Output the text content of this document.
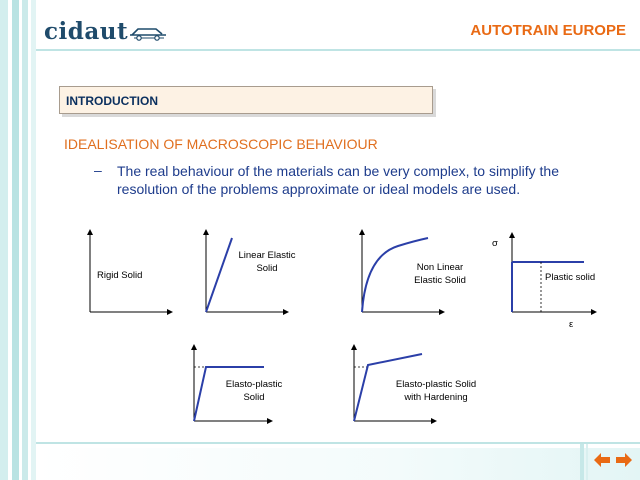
cidaut	AUTOTRAIN EUROPE
INTRODUCTION
IDEALISATION OF MACROSCOPIC BEHAVIOUR
– The real behaviour of the materials can be very complex, to simplify the
resolution of the problems approximate or ideal models are used.
Rigid Solid
Linear Elastic
Solid	Non Linear
Elastic Solid	Plastic solid
σ
ε
Elasto-plastic
Solid
Elasto-plastic Solid
with Hardening
